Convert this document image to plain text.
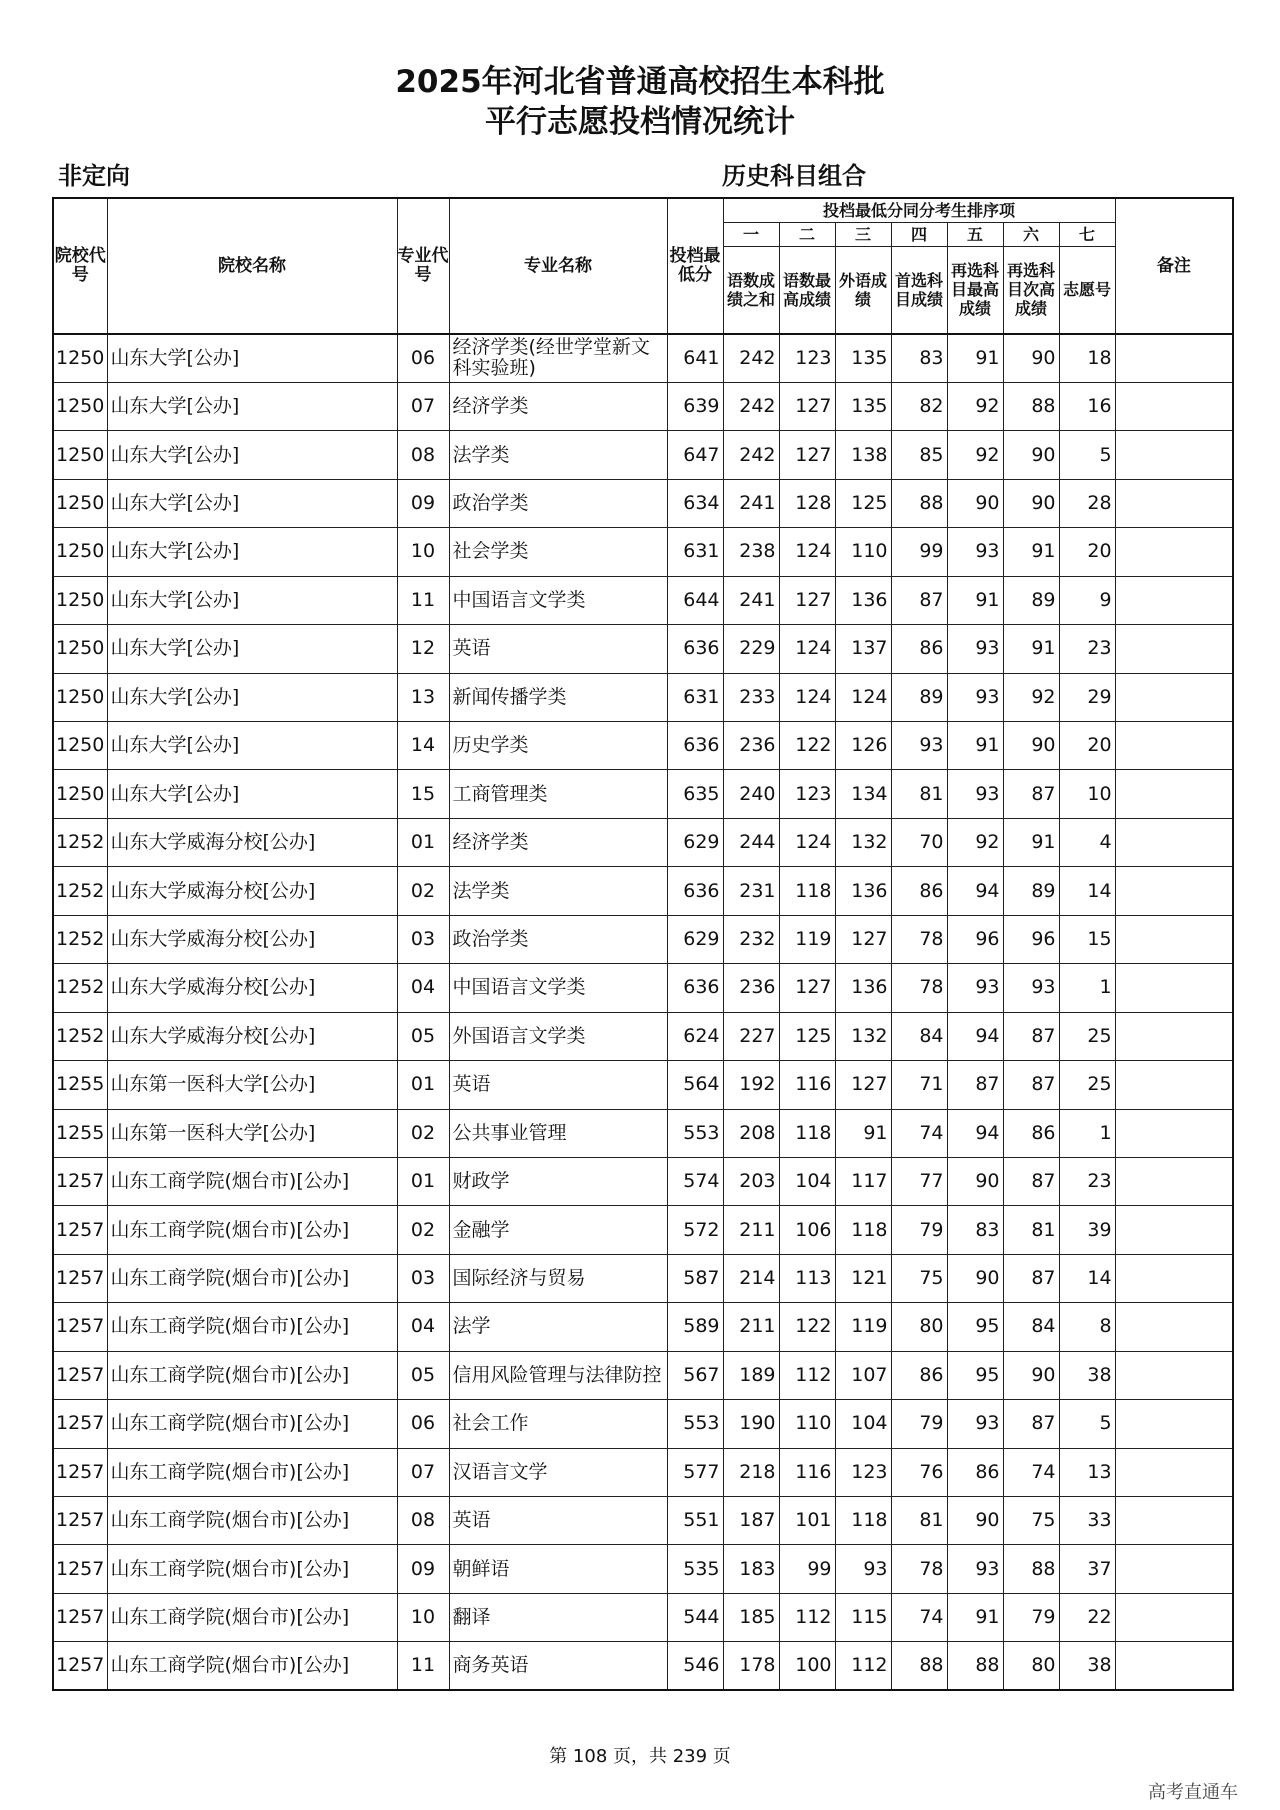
2025年河北省普通高校招生本科批
平行志愿投档情况统计
非定向	历史科目组合
院校代号	院校名称	专业代号	专业名称	投档最低分	投档最低分同分考生排序项							备注
					一	二	三	四	五	六	七	
					语数成绩之和	语数最高成绩	外语成绩	首选科目成绩	再选科目最高成绩	再选科目次高成绩	志愿号	
1250	山东大学[公办]	06	经济学类(经世学堂新文科实验班)	641	242	123	135	83	91	90	18	
1250	山东大学[公办]	07	经济学类	639	242	127	135	82	92	88	16	
1250	山东大学[公办]	08	法学类	647	242	127	138	85	92	90	5	
1250	山东大学[公办]	09	政治学类	634	241	128	125	88	90	90	28	
1250	山东大学[公办]	10	社会学类	631	238	124	110	99	93	91	20	
1250	山东大学[公办]	11	中国语言文学类	644	241	127	136	87	91	89	9	
1250	山东大学[公办]	12	英语	636	229	124	137	86	93	91	23	
1250	山东大学[公办]	13	新闻传播学类	631	233	124	124	89	93	92	29	
1250	山东大学[公办]	14	历史学类	636	236	122	126	93	91	90	20	
1250	山东大学[公办]	15	工商管理类	635	240	123	134	81	93	87	10	
1252	山东大学威海分校[公办]	01	经济学类	629	244	124	132	70	92	91	4	
1252	山东大学威海分校[公办]	02	法学类	636	231	118	136	86	94	89	14	
1252	山东大学威海分校[公办]	03	政治学类	629	232	119	127	78	96	96	15	
1252	山东大学威海分校[公办]	04	中国语言文学类	636	236	127	136	78	93	93	1	
1252	山东大学威海分校[公办]	05	外国语言文学类	624	227	125	132	84	94	87	25	
1255	山东第一医科大学[公办]	01	英语	564	192	116	127	71	87	87	25	
1255	山东第一医科大学[公办]	02	公共事业管理	553	208	118	91	74	94	86	1	
1257	山东工商学院(烟台市)[公办]	01	财政学	574	203	104	117	77	90	87	23	
1257	山东工商学院(烟台市)[公办]	02	金融学	572	211	106	118	79	83	81	39	
1257	山东工商学院(烟台市)[公办]	03	国际经济与贸易	587	214	113	121	75	90	87	14	
1257	山东工商学院(烟台市)[公办]	04	法学	589	211	122	119	80	95	84	8	
1257	山东工商学院(烟台市)[公办]	05	信用风险管理与法律防控	567	189	112	107	86	95	90	38	
1257	山东工商学院(烟台市)[公办]	06	社会工作	553	190	110	104	79	93	87	5	
1257	山东工商学院(烟台市)[公办]	07	汉语言文学	577	218	116	123	76	86	74	13	
1257	山东工商学院(烟台市)[公办]	08	英语	551	187	101	118	81	90	75	33	
1257	山东工商学院(烟台市)[公办]	09	朝鲜语	535	183	99	93	78	93	88	37	
1257	山东工商学院(烟台市)[公办]	10	翻译	544	185	112	115	74	91	79	22	
1257	山东工商学院(烟台市)[公办]	11	商务英语	546	178	100	112	88	88	80	38	
第 108 页，共 239 页
高考直通车
